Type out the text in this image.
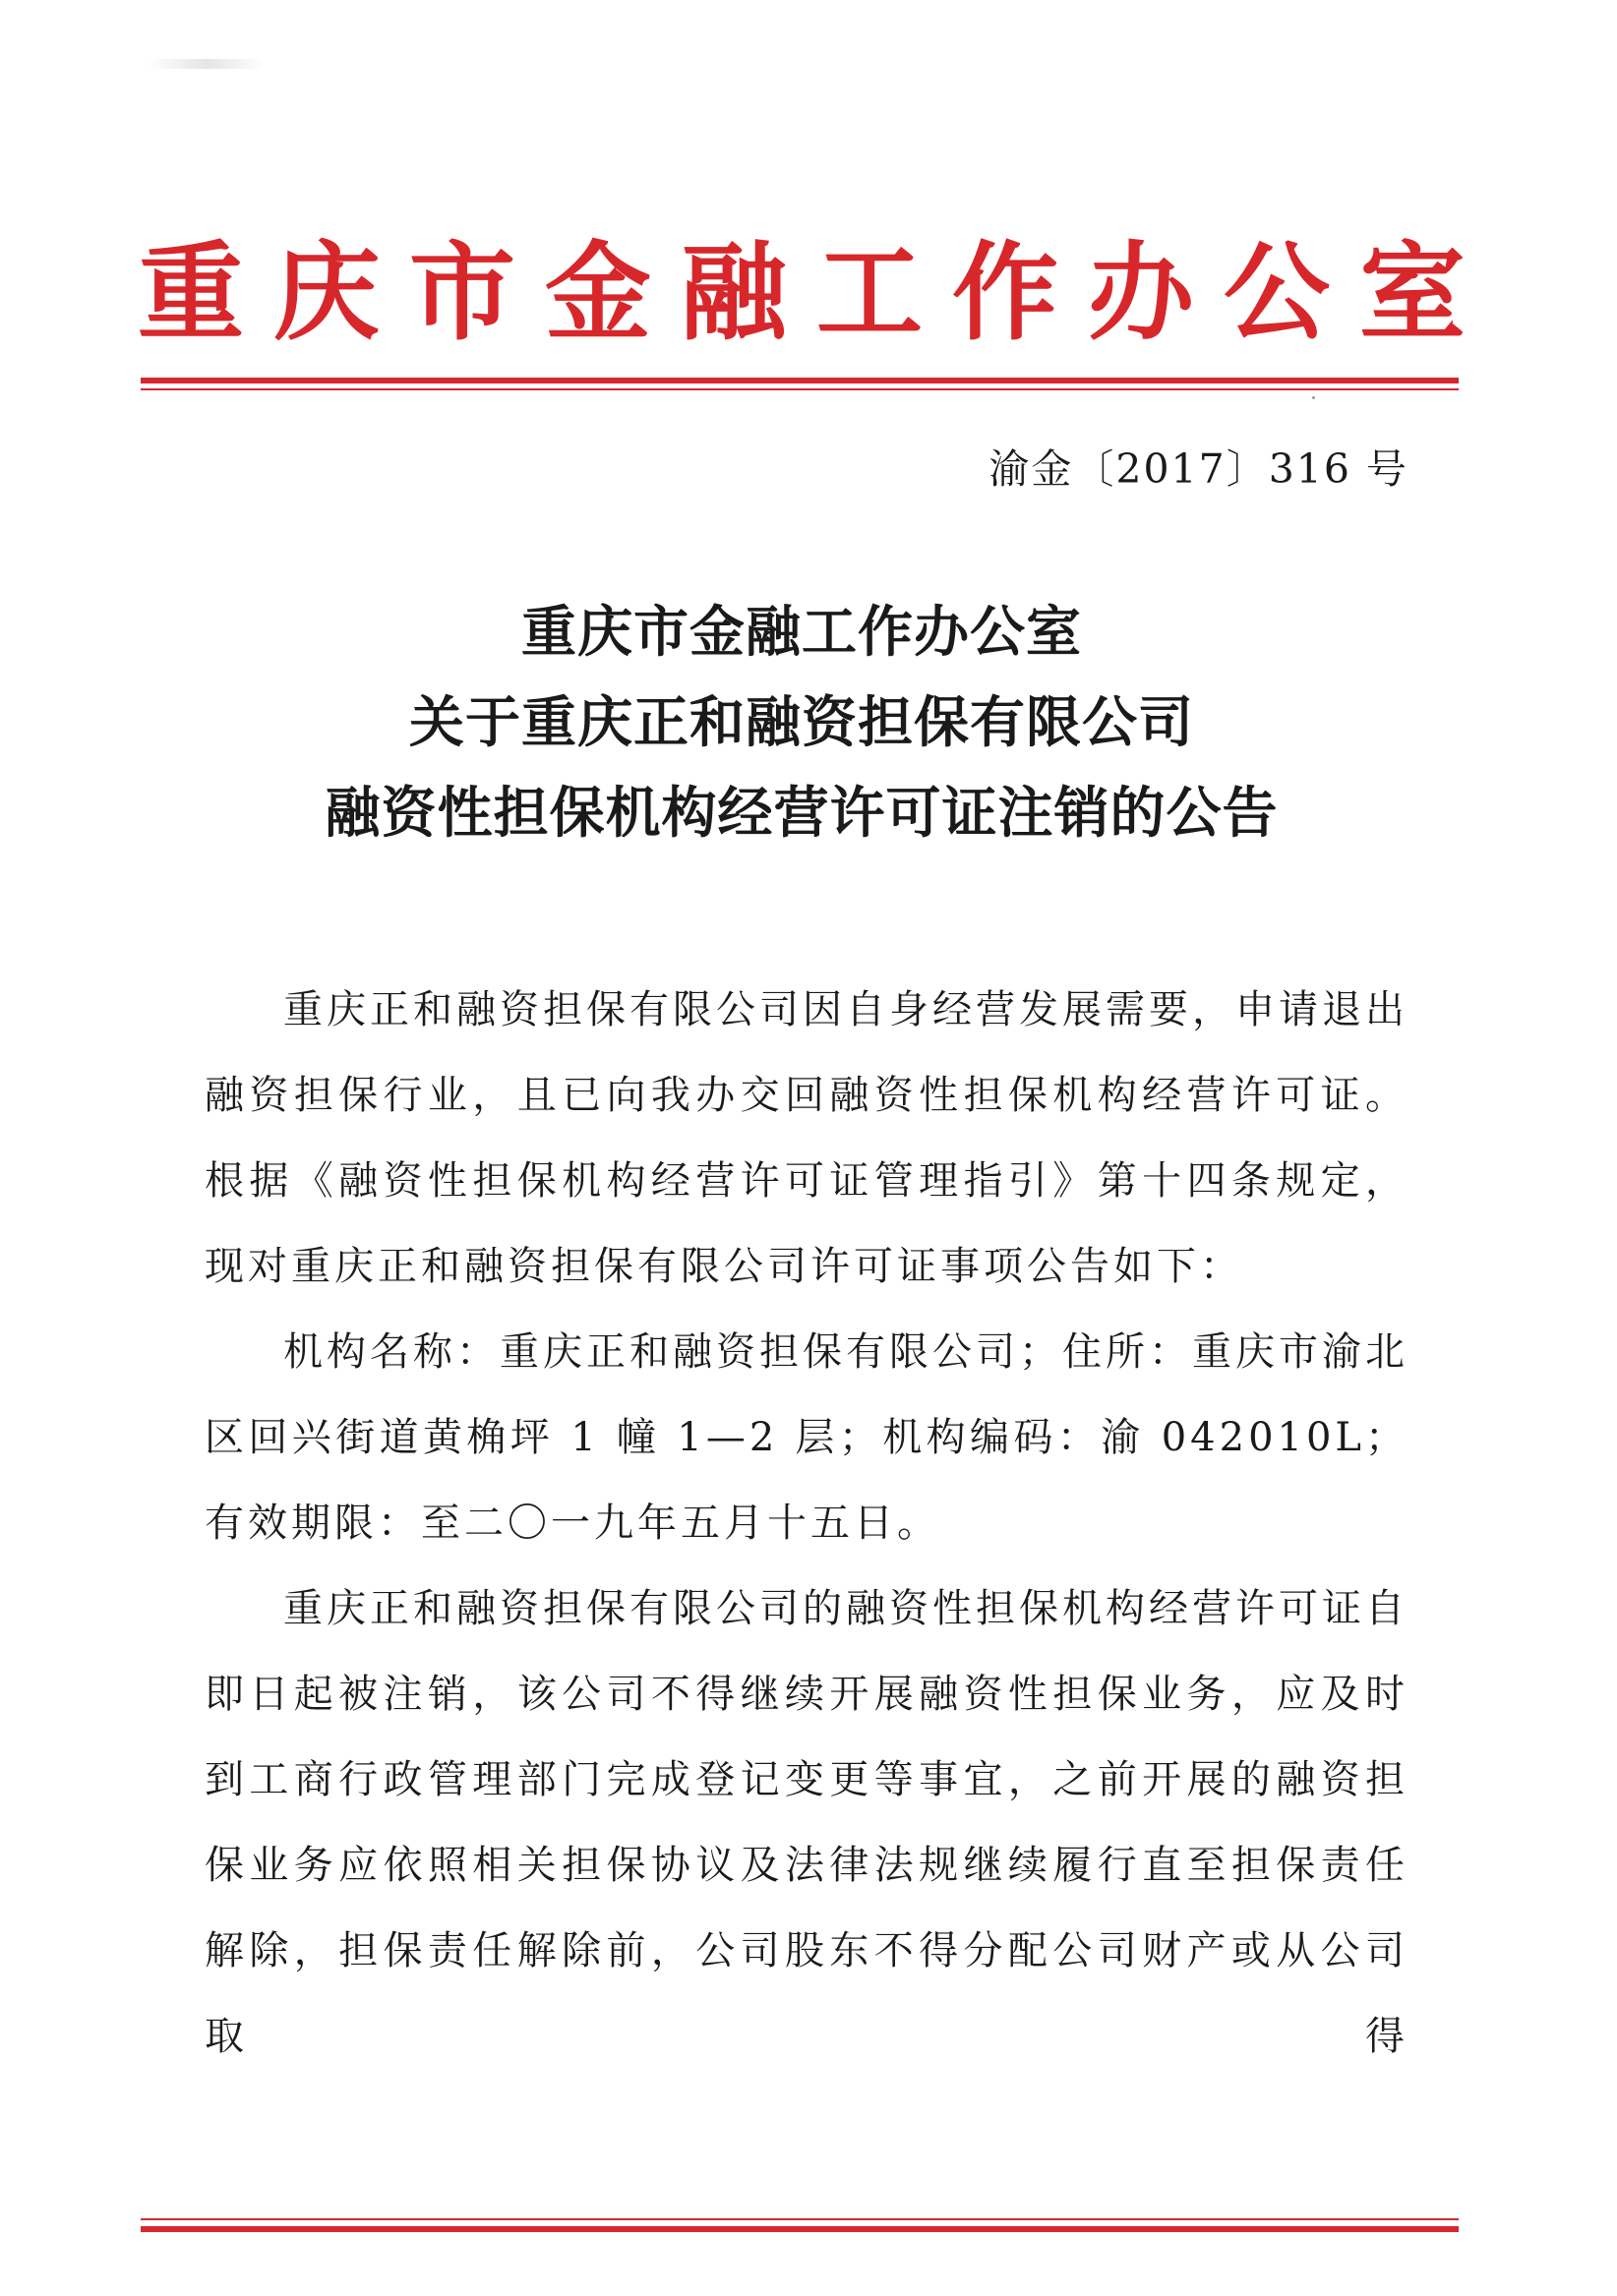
重庆市金融工作办公室
渝金〔2017〕316 号
重庆市金融工作办公室
关于重庆正和融资担保有限公司
融资性担保机构经营许可证注销的公告

重庆正和融资担保有限公司因自身经营发展需要，申请退出融资担保行业，且已向我办交回融资性担保机构经营许可证。根据《融资性担保机构经营许可证管理指引》第十四条规定，现对重庆正和融资担保有限公司许可证事项公告如下：

机构名称：重庆正和融资担保有限公司；住所：重庆市渝北区回兴街道黄桷坪 1 幢 1—2 层；机构编码：渝 042010L；有效期限：至二〇一九年五月十五日。

重庆正和融资担保有限公司的融资性担保机构经营许可证自即日起被注销，该公司不得继续开展融资性担保业务，应及时到工商行政管理部门完成登记变更等事宜，之前开展的融资担保业务应依照相关担保协议及法律法规继续履行直至担保责任解除，担保责任解除前，公司股东不得分配公司财产或从公司取得
